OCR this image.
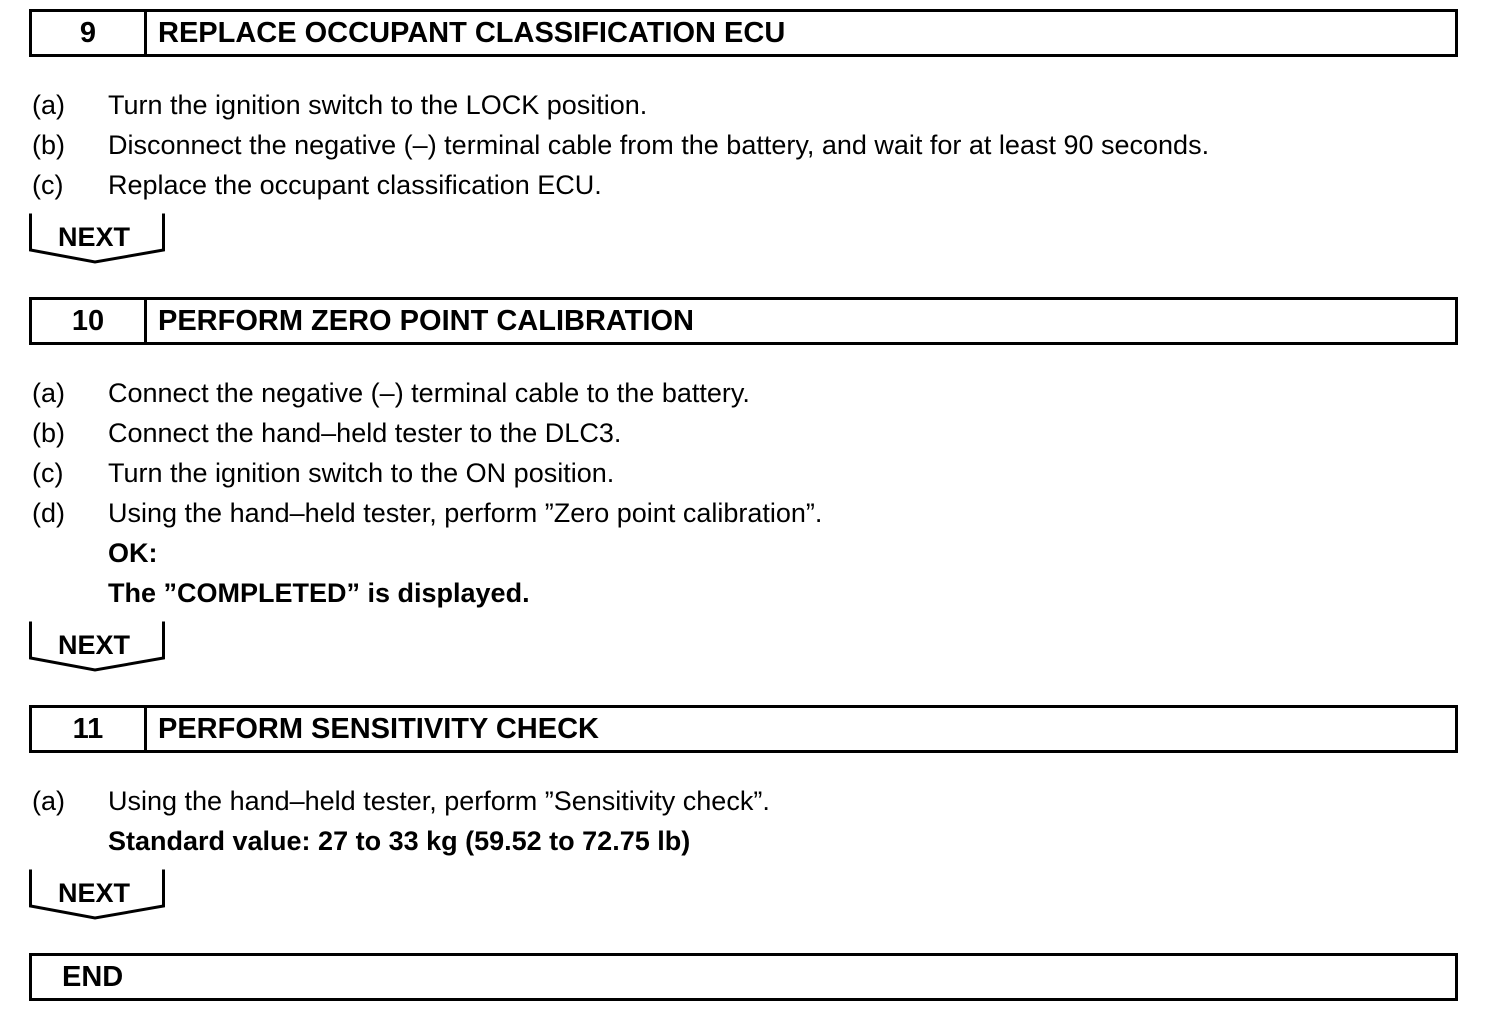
9	REPLACE OCCUPANT CLASSIFICATION ECU
(a) Turn the ignition switch to the LOCK position.
(b) Disconnect the negative (–) terminal cable from the battery, and wait for at least 90 seconds.
(c) Replace the occupant classification ECU.
NEXT
10	PERFORM ZERO POINT CALIBRATION
(a) Connect the negative (–) terminal cable to the battery.
(b) Connect the hand–held tester to the DLC3.
(c) Turn the ignition switch to the ON position.
(d) Using the hand–held tester, perform ”Zero point calibration”.
OK:
The ”COMPLETED” is displayed.
NEXT
11	PERFORM SENSITIVITY CHECK
(a) Using the hand–held tester, perform ”Sensitivity check”.
Standard value: 27 to 33 kg (59.52 to 72.75 lb)
NEXT
END
